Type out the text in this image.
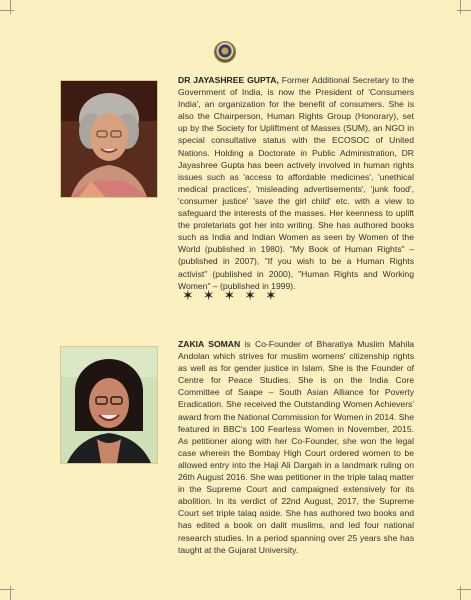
DR JAYASHREE GUPTA, Former Additional Secretary to the Government of India, is now the President of 'Consumers India', an organization for the benefit of consumers. She is also the Chairperson, Human Rights Group (Honorary), set up by the Society for Upliftment of Masses (SUM), an NGO in special consultative status with the ECOSOC of United Nations. Holding a Doctorate in Public Administration, DR Jayashree Gupta has been actively involved in human rights issues such as 'access to affordable medicines', 'unethical medical practices', 'misleading advertisements', 'junk food', 'consumer justice' 'save the girl child' etc. with a view to safeguard the interests of the masses. Her keenness to uplift the proletariats got her into writing. She has authored books such as India and Indian Women as seen by Women of the World (published in 1980). "My Book of Human Rights" – (published in 2007), "If you wish to be a Human Rights activist" (published in 2000), "Human Rights and Working Women" – (published in 1999).
✶ ✶ ✶ ✶ ✶
ZAKIA SOMAN is Co-Founder of Bharatiya Muslim Mahila Andolan which strives for muslim womens' citizenship rights as well as for gender justice in Islam. She is the Founder of Centre for Peace Studies. She is on the India Core Committee of Saape – South Asian Alliance for Poverty Eradication. She received the Outstanding Women Achievers' award from the National Commission for Women in 2014. She featured in BBC's 100 Fearless Women in November, 2015. As petitioner along with her Co-Founder, she won the legal case wherein the Bombay High Court ordered women to be allowed entry into the Haji Ali Dargah in a landmark ruling on 26th August 2016. She was petitioner in the triple talaq matter in the Supreme Court and campaigned extensively for its abolition. In its verdict of 22nd August, 2017, the Supreme Court set triple talaq aside. She has authored two books and has edited a book on dalit muslims, and led four national research studies. In a period spanning over 25 years she has taught at the Gujarat University.
